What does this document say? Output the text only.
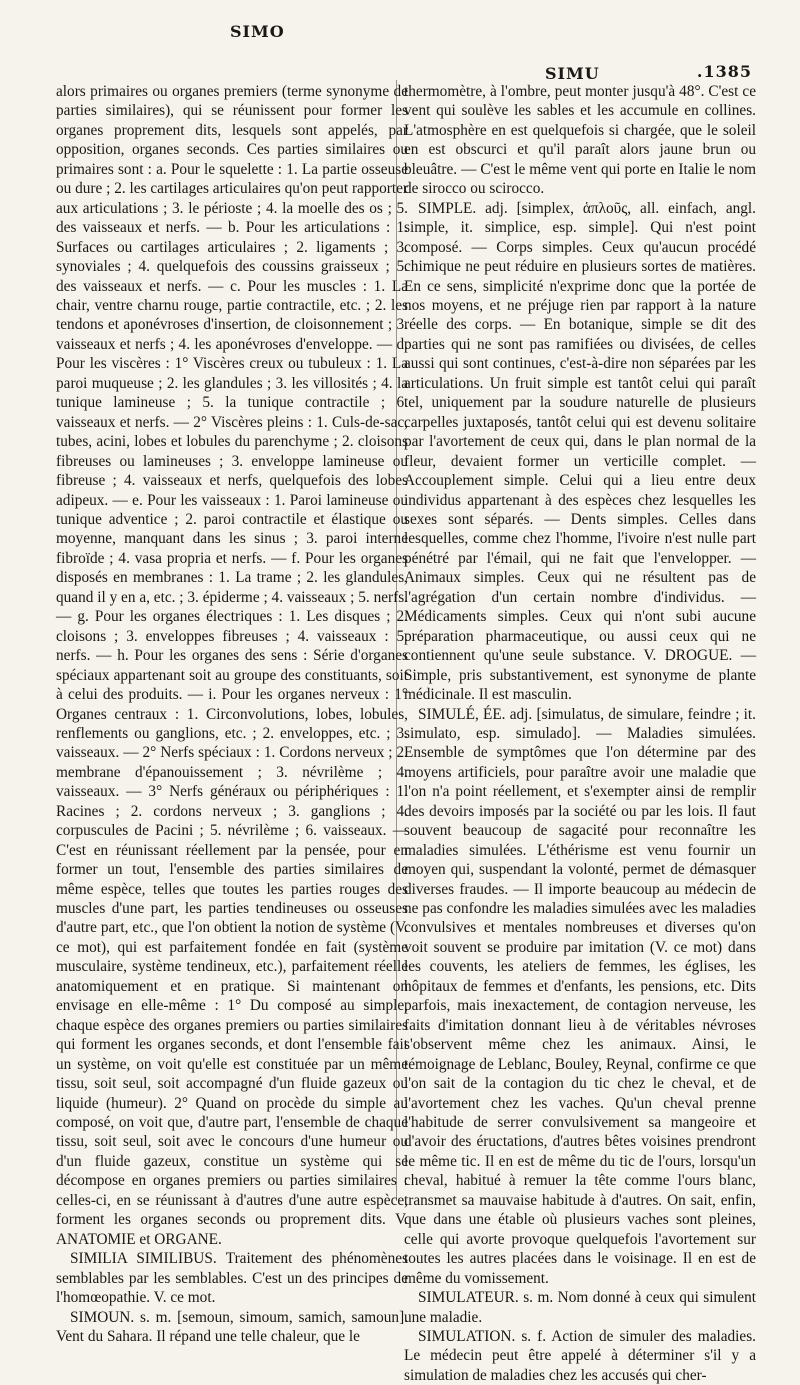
SIMO
SIMU	.1385

alors primaires ou organes premiers (terme synonyme de parties similaires), qui se réunissent pour former les organes proprement dits, lesquels sont appelés, par opposition, organes seconds. Ces parties similaires ou primaires sont : a. Pour le squelette : 1. La partie osseuse ou dure ; 2. les cartilages articulaires qu'on peut rapporter aux articulations ; 3. le périoste ; 4. la moelle des os ; 5. des vaisseaux et nerfs. — b. Pour les articulations : 1. Surfaces ou cartilages articulaires ; 2. ligaments ; 3. synoviales ; 4. quelquefois des coussins graisseux ; 5. des vaisseaux et nerfs. — c. Pour les muscles : 1. La chair, ventre charnu rouge, partie contractile, etc. ; 2. les tendons et aponévroses d'insertion, de cloisonnement ; 3. vaisseaux et nerfs ; 4. les aponévroses d'enveloppe. — d. Pour les viscères : 1° Viscères creux ou tubuleux : 1. La paroi muqueuse ; 2. les glandules ; 3. les villosités ; 4. la tunique lamineuse ; 5. la tunique contractile ; 6. vaisseaux et nerfs. — 2° Viscères pleins : 1. Culs-de-sac, tubes, acini, lobes et lobules du parenchyme ; 2. cloisons fibreuses ou lamineuses ; 3. enveloppe lamineuse ou fibreuse ; 4. vaisseaux et nerfs, quelquefois des lobes adipeux. — e. Pour les vaisseaux : 1. Paroi lamineuse ou tunique adventice ; 2. paroi contractile et élastique ou moyenne, manquant dans les sinus ; 3. paroi interne fibroïde ; 4. vasa propria et nerfs. — f. Pour les organes disposés en membranes : 1. La trame ; 2. les glandules, quand il y en a, etc. ; 3. épiderme ; 4. vaisseaux ; 5. nerfs. — g. Pour les organes électriques : 1. Les disques ; 2. cloisons ; 3. enveloppes fibreuses ; 4. vaisseaux : 5. nerfs. — h. Pour les organes des sens : Série d'organes spéciaux appartenant soit au groupe des constituants, soit à celui des produits. — i. Pour les organes nerveux : 1° Organes centraux : 1. Circonvolutions, lobes, lobules, renflements ou ganglions, etc. ; 2. enveloppes, etc. ; 3. vaisseaux. — 2° Nerfs spéciaux : 1. Cordons nerveux ; 2. membrane d'épanouissement ; 3. névrilème ; 4. vaisseaux. — 3° Nerfs généraux ou périphériques : 1. Racines ; 2. cordons nerveux ; 3. ganglions ; 4. corpuscules de Pacini ; 5. névrilème ; 6. vaisseaux. — C'est en réunissant réellement par la pensée, pour en former un tout, l'ensemble des parties similaires de même espèce, telles que toutes les parties rouges des muscles d'une part, les parties tendineuses ou osseuses d'autre part, etc., que l'on obtient la notion de système (V. ce mot), qui est parfaitement fondée en fait (système musculaire, système tendineux, etc.), parfaitement réelle anatomiquement et en pratique. Si maintenant on envisage en elle-même : 1° Du composé au simple, chaque espèce des organes premiers ou parties similaires qui forment les organes seconds, et dont l'ensemble fait un système, on voit qu'elle est constituée par un même tissu, soit seul, soit accompagné d'un fluide gazeux ou liquide (humeur). 2° Quand on procède du simple au composé, on voit que, d'autre part, l'ensemble de chaque tissu, soit seul, soit avec le concours d'une humeur ou d'un fluide gazeux, constitue un système qui se décompose en organes premiers ou parties similaires : celles-ci, en se réunissant à d'autres d'une autre espèce, forment les organes seconds ou proprement dits. V. ANATOMIE et ORGANE.

SIMILIA SIMILIBUS. Traitement des phénomènes semblables par les semblables. C'est un des principes de l'homœopathie. V. ce mot.

SIMOUN. s. m. [semoun, simoum, samich, samoun]. Vent du Sahara. Il répand une telle chaleur, que le

thermomètre, à l'ombre, peut monter jusqu'à 48°. C'est ce vent qui soulève les sables et les accumule en collines. L'atmosphère en est quelquefois si chargée, que le soleil en est obscurci et qu'il paraît alors jaune brun ou bleuâtre. — C'est le même vent qui porte en Italie le nom de sirocco ou scirocco.

SIMPLE. adj. [simplex, ἁπλοῦς, all. einfach, angl. simple, it. simplice, esp. simple]. Qui n'est point composé. — Corps simples. Ceux qu'aucun procédé chimique ne peut réduire en plusieurs sortes de matières. En ce sens, simplicité n'exprime donc que la portée de nos moyens, et ne préjuge rien par rapport à la nature réelle des corps. — En botanique, simple se dit des parties qui ne sont pas ramifiées ou divisées, de celles aussi qui sont continues, c'est-à-dire non séparées par les articulations. Un fruit simple est tantôt celui qui paraît tel, uniquement par la soudure naturelle de plusieurs carpelles juxtaposés, tantôt celui qui est devenu solitaire par l'avortement de ceux qui, dans le plan normal de la fleur, devaient former un verticille complet. — Accouplement simple. Celui qui a lieu entre deux individus appartenant à des espèces chez lesquelles les sexes sont séparés. — Dents simples. Celles dans lesquelles, comme chez l'homme, l'ivoire n'est nulle part pénétré par l'émail, qui ne fait que l'envelopper. — Animaux simples. Ceux qui ne résultent pas de l'agrégation d'un certain nombre d'individus. — Médicaments simples. Ceux qui n'ont subi aucune préparation pharmaceutique, ou aussi ceux qui ne contiennent qu'une seule substance. V. DROGUE. — Simple, pris substantivement, est synonyme de plante médicinale. Il est masculin.

SIMULÉ, ÉE. adj. [simulatus, de simulare, feindre ; it. simulato, esp. simulado]. — Maladies simulées. Ensemble de symptômes que l'on détermine par des moyens artificiels, pour paraître avoir une maladie que l'on n'a point réellement, et s'exempter ainsi de remplir des devoirs imposés par la société ou par les lois. Il faut souvent beaucoup de sagacité pour reconnaître les maladies simulées. L'éthérisme est venu fournir un moyen qui, suspendant la volonté, permet de démasquer diverses fraudes. — Il importe beaucoup au médecin de ne pas confondre les maladies simulées avec les maladies convulsives et mentales nombreuses et diverses qu'on voit souvent se produire par imitation (V. ce mot) dans les couvents, les ateliers de femmes, les églises, les hôpitaux de femmes et d'enfants, les pensions, etc. Dits parfois, mais inexactement, de contagion nerveuse, les faits d'imitation donnant lieu à de véritables névroses s'observent même chez les animaux. Ainsi, le témoignage de Leblanc, Bouley, Reynal, confirme ce que l'on sait de la contagion du tic chez le cheval, et de l'avortement chez les vaches. Qu'un cheval prenne l'habitude de serrer convulsivement sa mangeoire et d'avoir des éructations, d'autres bêtes voisines prendront le même tic. Il en est de même du tic de l'ours, lorsqu'un cheval, habitué à remuer la tête comme l'ours blanc, transmet sa mauvaise habitude à d'autres. On sait, enfin, que dans une étable où plusieurs vaches sont pleines, celle qui avorte provoque quelquefois l'avortement sur toutes les autres placées dans le voisinage. Il en est de même du vomissement.

SIMULATEUR. s. m. Nom donné à ceux qui simulent une maladie.

SIMULATION. s. f. Action de simuler des maladies. Le médecin peut être appelé à déterminer s'il y a simulation de maladies chez les accusés qui cher-
